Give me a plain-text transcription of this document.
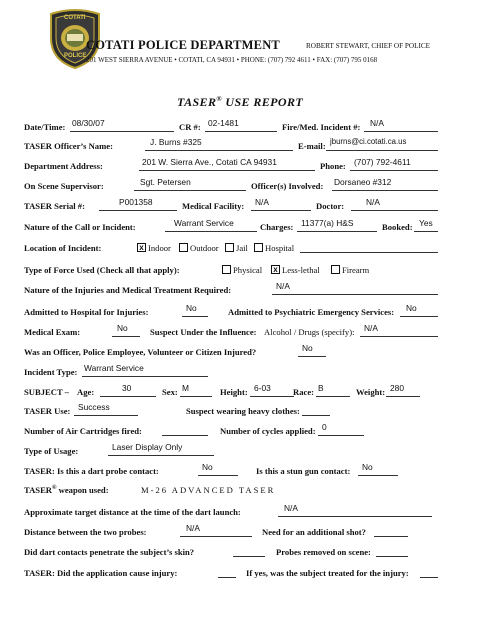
COTATI
POLICE
COTATI POLICE DEPARTMENT	ROBERT STEWART, CHIEF OF POLICE
201 WEST SIERRA AVENUE • COTATI, CA 94931 • PHONE: (707) 792 4611 • FAX: (707) 795 0168
TASER® USE REPORT
Date/Time: 08/30/07	CR #: 02-1481	Fire/Med. Incident #: N/A
TASER Officer’s Name:	J. Burns #325	E-mail: jburns@ci.cotati.ca.us
Department Address:	201 W. Sierra Ave., Cotati CA 94931	Phone: (707) 792-4611
On Scene Supervisor:	Sgt. Petersen	Officer(s) Involved: Dorsaneo #312
TASER Serial #:	P001358	Medical Facility: N/A	Doctor:	N/A
Nature of the Call or Incident:	Warrant Service	Charges: 11377(a) H&S	Booked: Yes
Location of Incident:	x Indoor Outdoor Jail Hospital
Type of Force Used (Check all that apply):	Physical x Less-lethal	Firearm
Nature of the Injuries and Medical Treatment Required:	N/A
Admitted to Hospital for Injuries:	No	Admitted to Psychiatric Emergency Services: No
Medical Exam:	No	Suspect Under the Influence: Alcohol / Drugs (specify): N/A
Was an Officer, Police Employee, Volunteer or Citizen Injured?	No
Incident Type: Warrant Service
SUBJECT – Age:	30	Sex: M	Height: 6-03	Race: B	Weight: 280
TASER Use: Success	Suspect wearing heavy clothes:
Number of Air Cartridges fired:	Number of cycles applied: 0
Type of Usage:	Laser Display Only
TASER: Is this a dart probe contact:	No	Is this a stun gun contact: No
TASER® weapon used:	M-26 ADVANCED TASER
Approximate target distance at the time of the dart launch:	N/A
Distance between the two probes:	N/A	Need for an additional shot?
Did dart contacts penetrate the subject’s skin?	Probes removed on scene:
TASER: Did the application cause injury:	If yes, was the subject treated for the injury:
